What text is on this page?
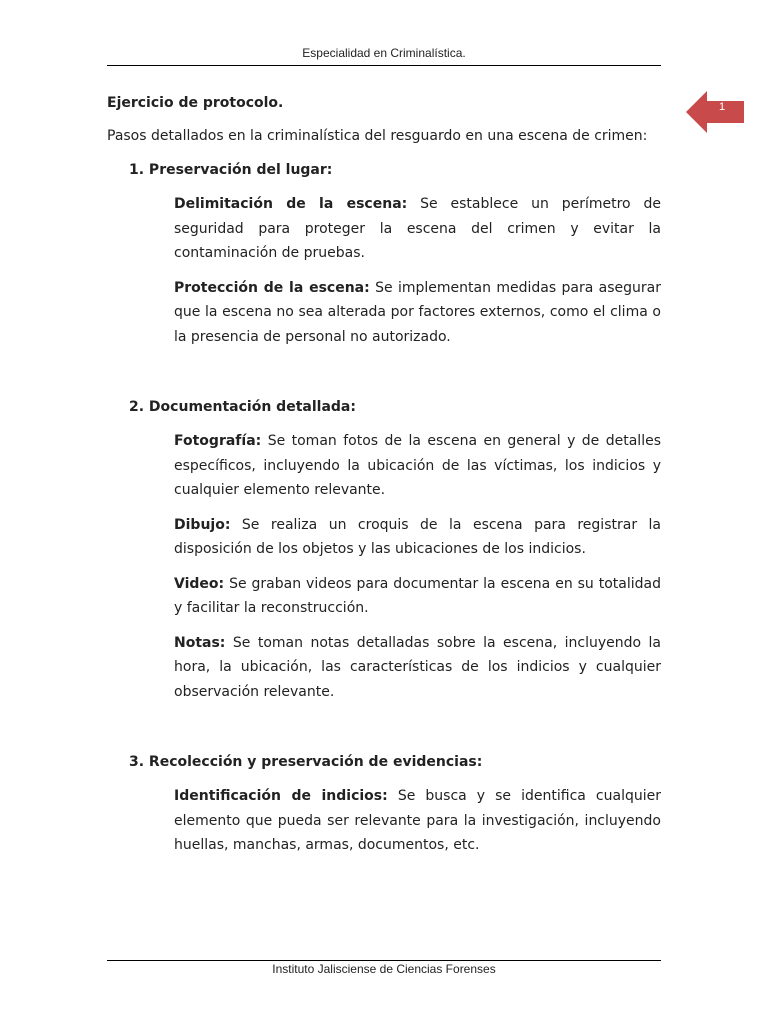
Especialidad en Criminalística.
1

Ejercicio de protocolo.

Pasos detallados en la criminalística del resguardo en una escena de crimen:

1. Preservación del lugar:

Delimitación de la escena: Se establece un perímetro de seguridad para proteger la escena del crimen y evitar la contaminación de pruebas.

Protección de la escena: Se implementan medidas para asegurar que la escena no sea alterada por factores externos, como el clima o la presencia de personal no autorizado.

2. Documentación detallada:

Fotografía: Se toman fotos de la escena en general y de detalles específicos, incluyendo la ubicación de las víctimas, los indicios y cualquier elemento relevante.

Dibujo: Se realiza un croquis de la escena para registrar la disposición de los objetos y las ubicaciones de los indicios.

Video: Se graban videos para documentar la escena en su totalidad y facilitar la reconstrucción.

Notas: Se toman notas detalladas sobre la escena, incluyendo la hora, la ubicación, las características de los indicios y cualquier observación relevante.

3. Recolección y preservación de evidencias:

Identificación de indicios: Se busca y se identifica cualquier elemento que pueda ser relevante para la investigación, incluyendo huellas, manchas, armas, documentos, etc.

Instituto Jalisciense de Ciencias Forenses
